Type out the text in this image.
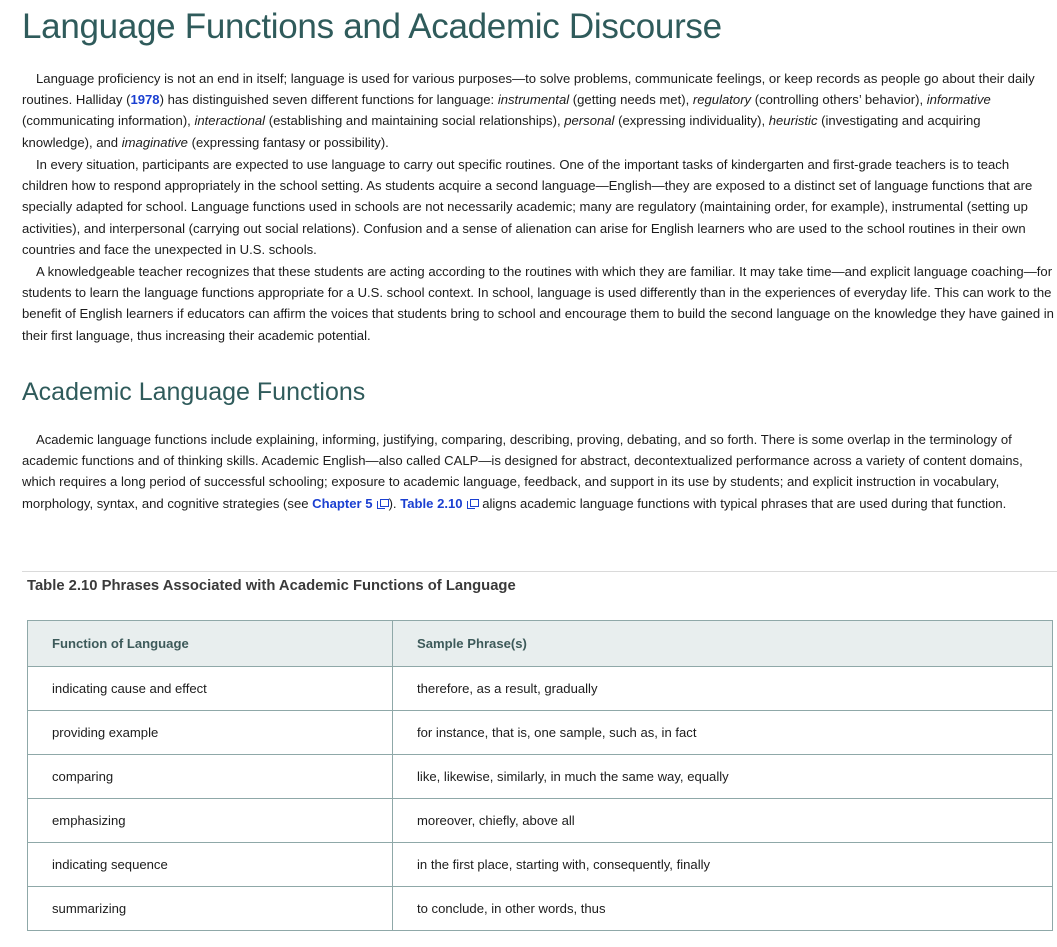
Language Functions and Academic Discourse

Language proficiency is not an end in itself; language is used for various purposes—to solve problems, communicate feelings, or keep records as people go about their daily routines. Halliday (1978) has distinguished seven different functions for language: instrumental (getting needs met), regulatory (controlling others’ behavior), informative (communicating information), interactional (establishing and maintaining social relationships), personal (expressing individuality), heuristic (investigating and acquiring knowledge), and imaginative (expressing fantasy or possibility).

In every situation, participants are expected to use language to carry out specific routines. One of the important tasks of kindergarten and first-grade teachers is to teach children how to respond appropriately in the school setting. As students acquire a second language—English—they are exposed to a distinct set of language functions that are specially adapted for school. Language functions used in schools are not necessarily academic; many are regulatory (maintaining order, for example), instrumental (setting up activities), and interpersonal (carrying out social relations). Confusion and a sense of alienation can arise for English learners who are used to the school routines in their own countries and face the unexpected in U.S. schools.

A knowledgeable teacher recognizes that these students are acting according to the routines with which they are familiar. It may take time—and explicit language coaching—for students to learn the language functions appropriate for a U.S. school context. In school, language is used differently than in the experiences of everyday life. This can work to the benefit of English learners if educators can affirm the voices that students bring to school and encourage them to build the second language on the knowledge they have gained in their first language, thus increasing their academic potential.

Academic Language Functions

Academic language functions include explaining, informing, justifying, comparing, describing, proving, debating, and so forth. There is some overlap in the terminology of academic functions and of thinking skills. Academic English—also called CALP—is designed for abstract, decontextualized performance across a variety of content domains, which requires a long period of successful schooling; exposure to academic language, feedback, and support in its use by students; and explicit instruction in vocabulary, morphology, syntax, and cognitive strategies (see Chapter 5 ). Table 2.10 aligns academic language functions with typical phrases that are used during that function.

Table 2.10 Phrases Associated with Academic Functions of Language

Function of Language	Sample Phrase(s)
indicating cause and effect	therefore, as a result, gradually
providing example	for instance, that is, one sample, such as, in fact
comparing	like, likewise, similarly, in much the same way, equally
emphasizing	moreover, chiefly, above all
indicating sequence	in the first place, starting with, consequently, finally
summarizing	to conclude, in other words, thus
